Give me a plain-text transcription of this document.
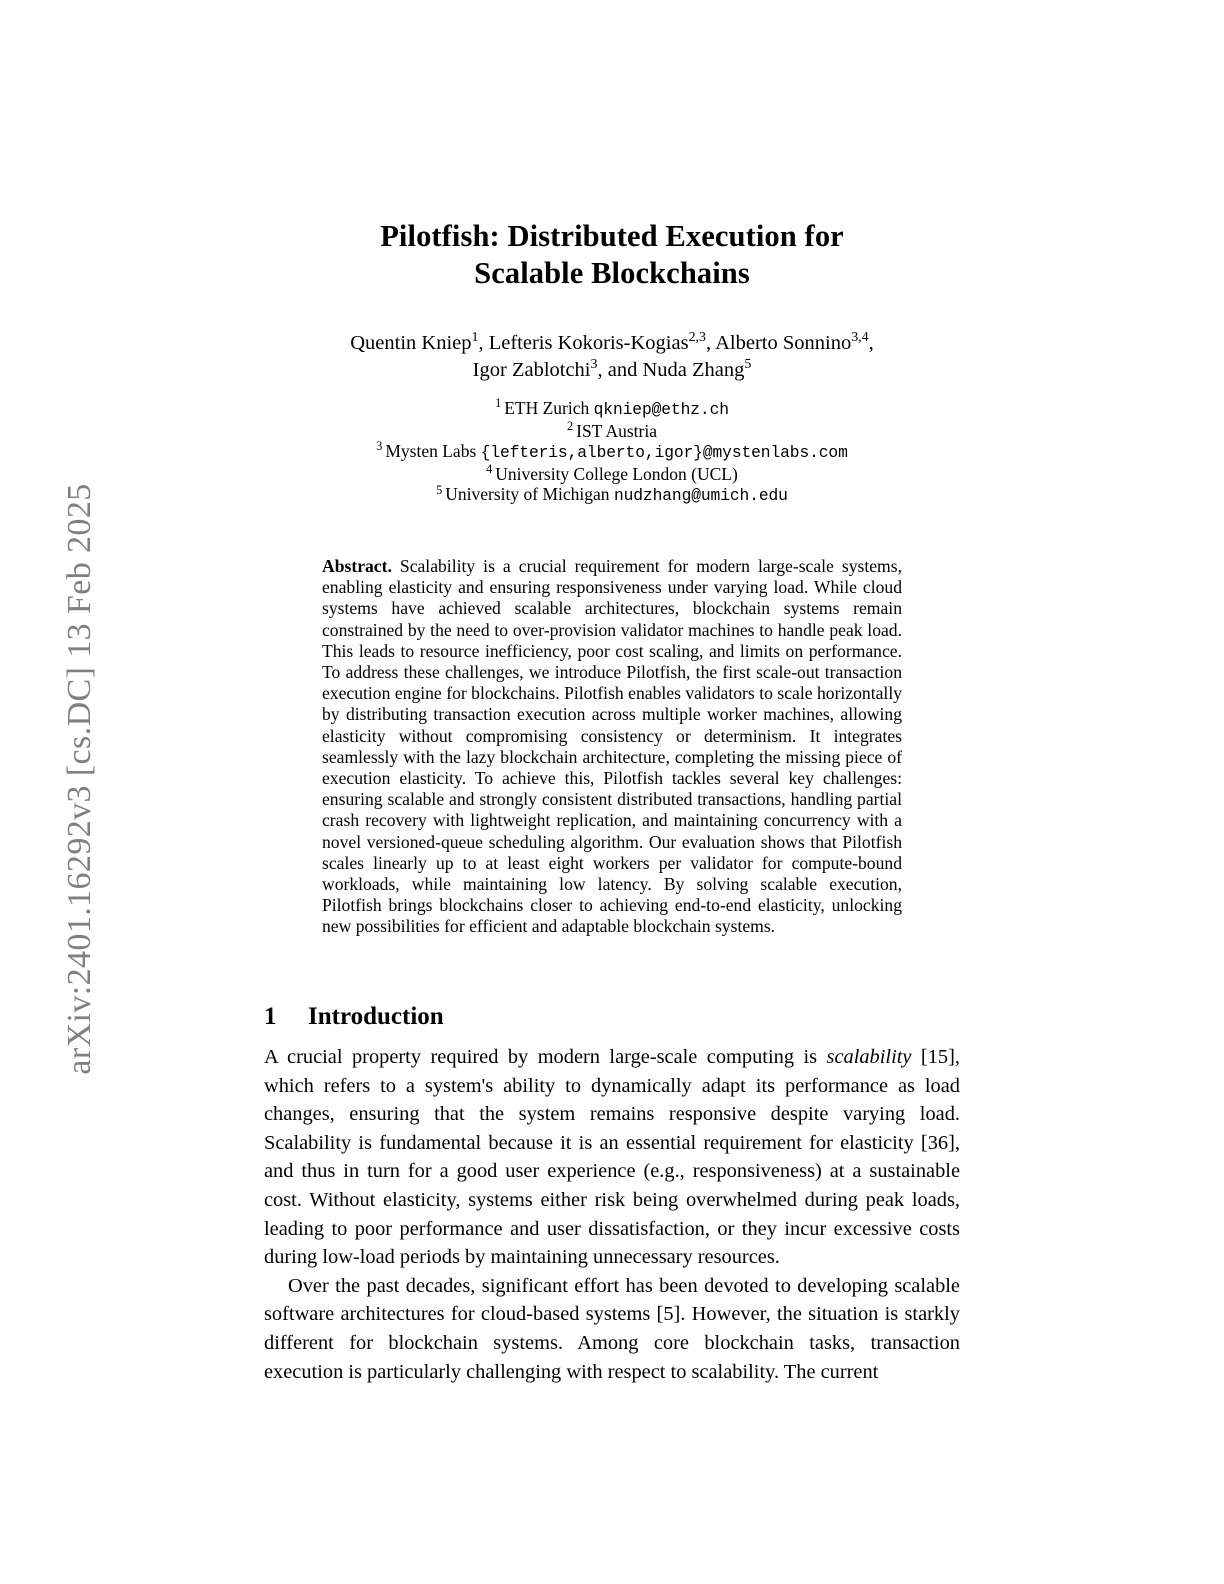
arXiv:2401.16292v3 [cs.DC] 13 Feb 2025
Pilotfish: Distributed Execution for
Scalable Blockchains
Quentin Kniep$^1$, Lefteris Kokoris-Kogias$^{2,3}$, Alberto Sonnino$^{3,4}$,
Igor Zablotchi$^3$, and Nuda Zhang$^5$
$^1$ ETH Zurich qkniep@ethz.ch
$^2$ IST Austria
$^3$ Mysten Labs {lefteris,alberto,igor}@mystenlabs.com
$^4$ University College London (UCL)
$^5$ University of Michigan nudzhang@umich.edu
Abstract. Scalability is a crucial requirement for modern large-scale systems, enabling elasticity and ensuring responsiveness under varying load. While cloud systems have achieved scalable architectures, blockchain systems remain constrained by the need to over-provision validator machines to handle peak load. This leads to resource inefficiency, poor cost scaling, and limits on performance. To address these challenges, we introduce Pilotfish, the first scale-out transaction execution engine for blockchains. Pilotfish enables validators to scale horizontally by distributing transaction execution across multiple worker machines, allowing elasticity without compromising consistency or determinism. It integrates seamlessly with the lazy blockchain architecture, completing the missing piece of execution elasticity. To achieve this, Pilotfish tackles several key challenges: ensuring scalable and strongly consistent distributed transactions, handling partial crash recovery with lightweight replication, and maintaining concurrency with a novel versioned-queue scheduling algorithm. Our evaluation shows that Pilotfish scales linearly up to at least eight workers per validator for compute-bound workloads, while maintaining low latency. By solving scalable execution, Pilotfish brings blockchains closer to achieving end-to-end elasticity, unlocking new possibilities for efficient and adaptable blockchain systems.
1 Introduction

A crucial property required by modern large-scale computing is scalability [15], which refers to a system's ability to dynamically adapt its performance as load changes, ensuring that the system remains responsive despite varying load. Scalability is fundamental because it is an essential requirement for elasticity [36], and thus in turn for a good user experience (e.g., responsiveness) at a sustainable cost. Without elasticity, systems either risk being overwhelmed during peak loads, leading to poor performance and user dissatisfaction, or they incur excessive costs during low-load periods by maintaining unnecessary resources.

Over the past decades, significant effort has been devoted to developing scalable software architectures for cloud-based systems [5]. However, the situation is starkly different for blockchain systems. Among core blockchain tasks, transaction execution is particularly challenging with respect to scalability. The current
